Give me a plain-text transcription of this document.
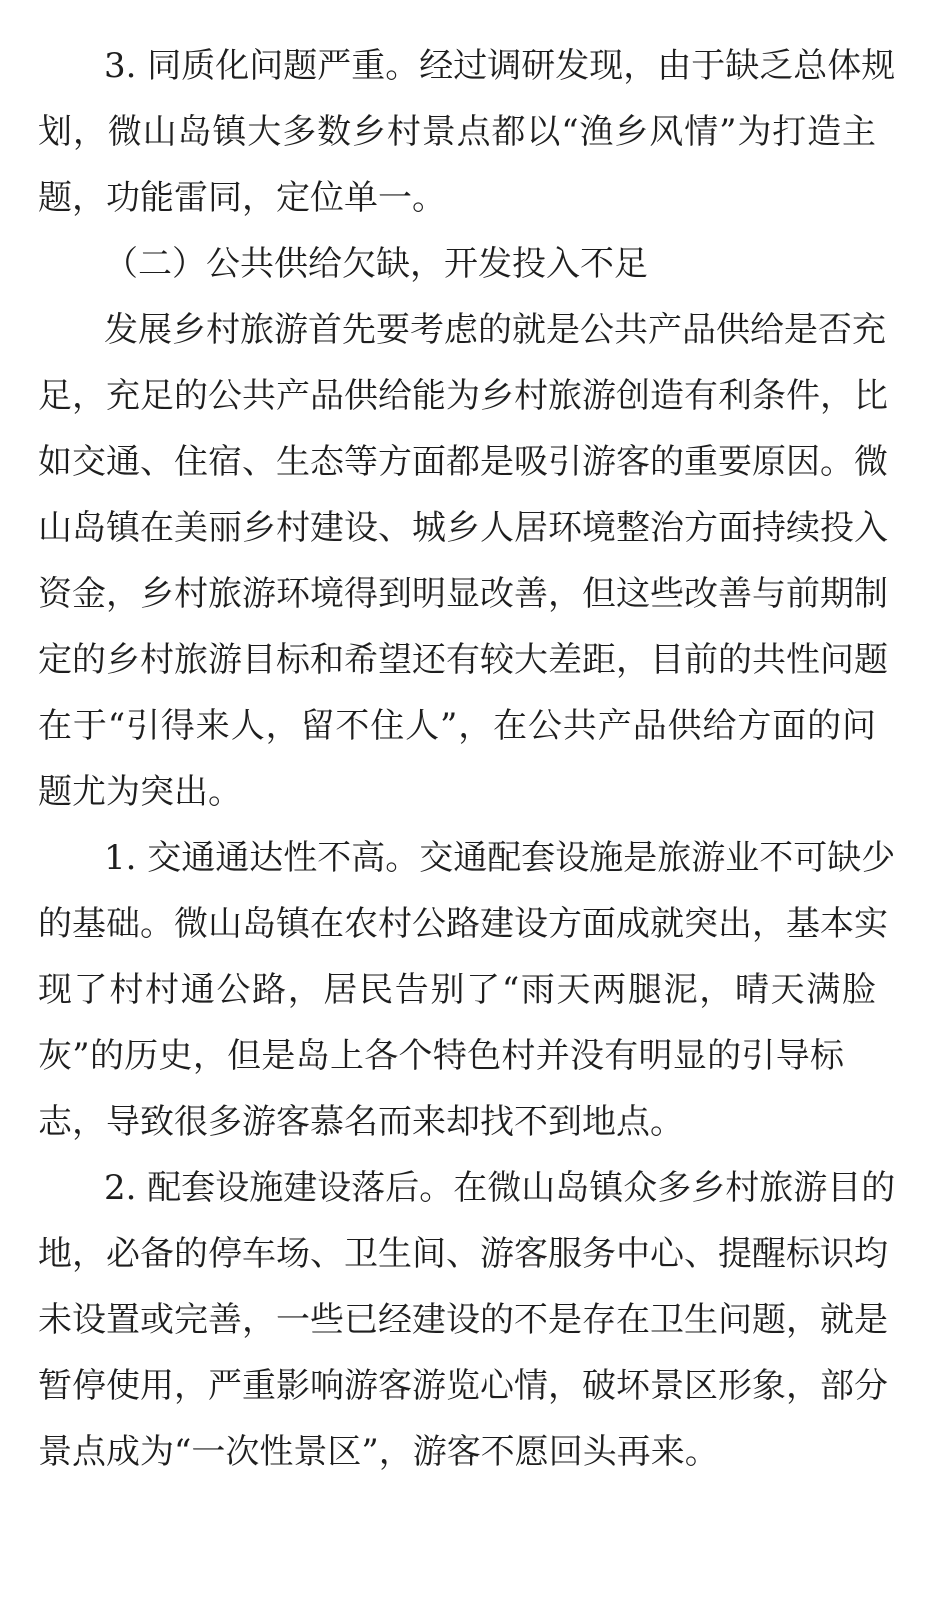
3. 同质化问题严重。经过调研发现，由于缺乏总体规
划，微山岛镇大多数乡村景点都以“渔乡风情”为打造主
题，功能雷同，定位单一。
（二）公共供给欠缺，开发投入不足
发展乡村旅游首先要考虑的就是公共产品供给是否充
足，充足的公共产品供给能为乡村旅游创造有利条件，比
如交通、住宿、生态等方面都是吸引游客的重要原因。微
山岛镇在美丽乡村建设、城乡人居环境整治方面持续投入
资金，乡村旅游环境得到明显改善，但这些改善与前期制
定的乡村旅游目标和希望还有较大差距，目前的共性问题
在于“引得来人，留不住人”，在公共产品供给方面的问
题尤为突出。
1. 交通通达性不高。交通配套设施是旅游业不可缺少
的基础。微山岛镇在农村公路建设方面成就突出，基本实
现了村村通公路，居民告别了“雨天两腿泥，晴天满脸
灰”的历史，但是岛上各个特色村并没有明显的引导标
志，导致很多游客慕名而来却找不到地点。
2. 配套设施建设落后。在微山岛镇众多乡村旅游目的
地，必备的停车场、卫生间、游客服务中心、提醒标识均
未设置或完善，一些已经建设的不是存在卫生问题，就是
暂停使用，严重影响游客游览心情，破坏景区形象，部分
景点成为“一次性景区”，游客不愿回头再来。
